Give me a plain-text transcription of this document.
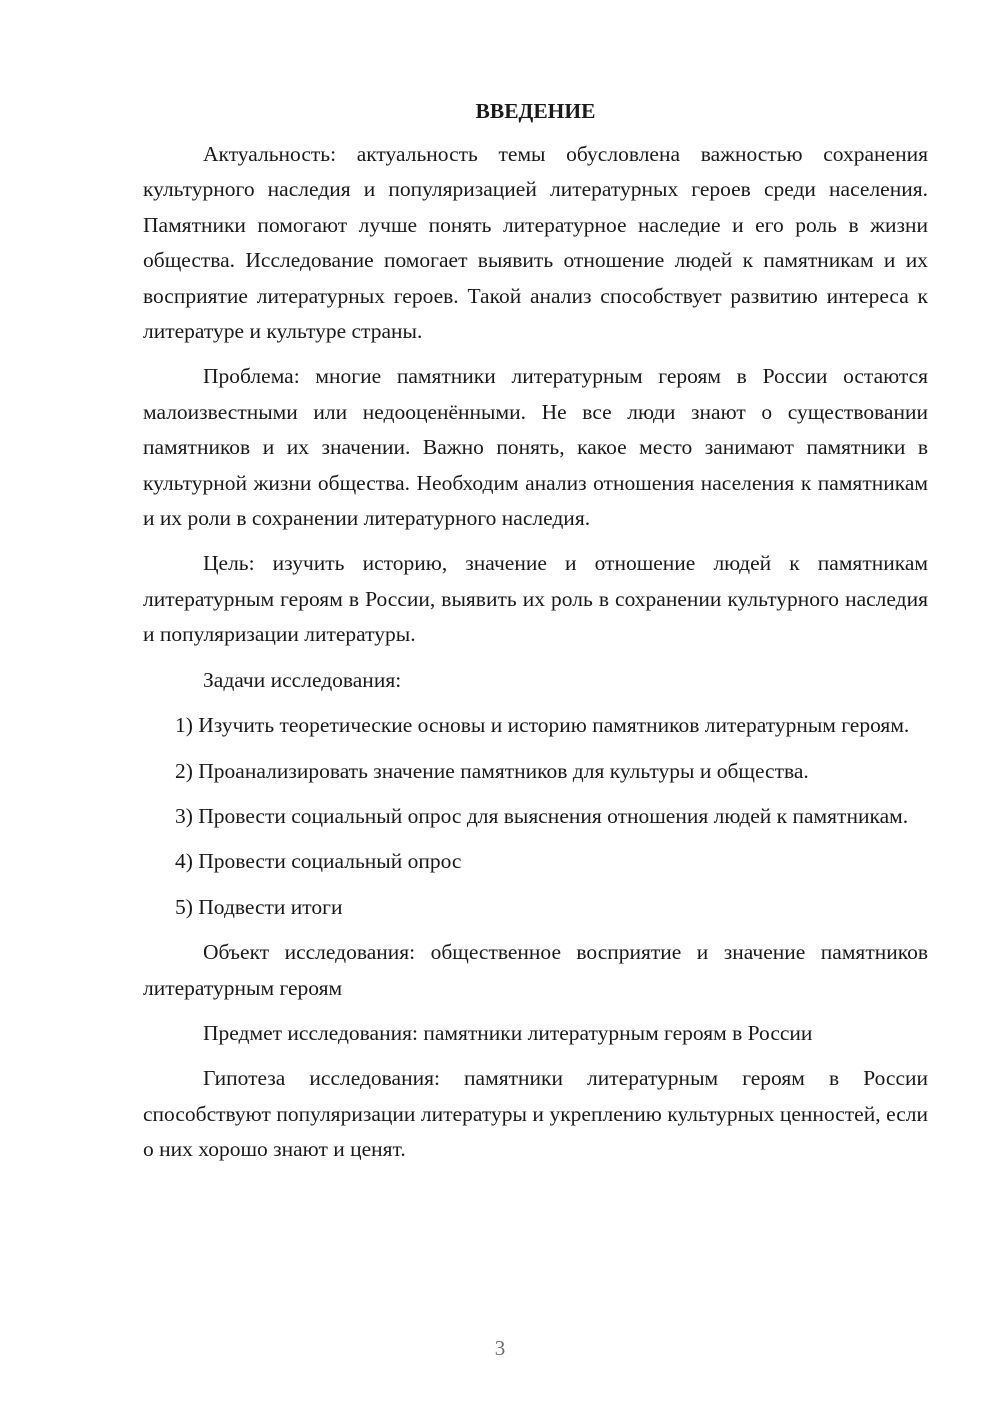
ВВЕДЕНИЕ

Актуальность: актуальность темы обусловлена важностью сохранения культурного наследия и популяризацией литературных героев среди населения. Памятники помогают лучше понять литературное наследие и его роль в жизни общества. Исследование помогает выявить отношение людей к памятникам и их восприятие литературных героев. Такой анализ способствует развитию интереса к литературе и культуре страны.

Проблема: многие памятники литературным героям в России остаются малоизвестными или недооценёнными. Не все люди знают о существовании памятников и их значении. Важно понять, какое место занимают памятники в культурной жизни общества. Необходим анализ отношения населения к памятникам и их роли в сохранении литературного наследия.

Цель: изучить историю, значение и отношение людей к памятникам литературным героям в России, выявить их роль в сохранении культурного наследия и популяризации литературы.

Задачи исследования:

1) Изучить теоретические основы и историю памятников литературным героям.

2) Проанализировать значение памятников для культуры и общества.

3) Провести социальный опрос для выяснения отношения людей к памятникам.

4) Провести социальный опрос

5) Подвести итоги

Объект исследования: общественное восприятие и значение памятников литературным героям

Предмет исследования: памятники литературным героям в России

Гипотеза исследования: памятники литературным героям в России способствуют популяризации литературы и укреплению культурных ценностей, если о них хорошо знают и ценят.

3
